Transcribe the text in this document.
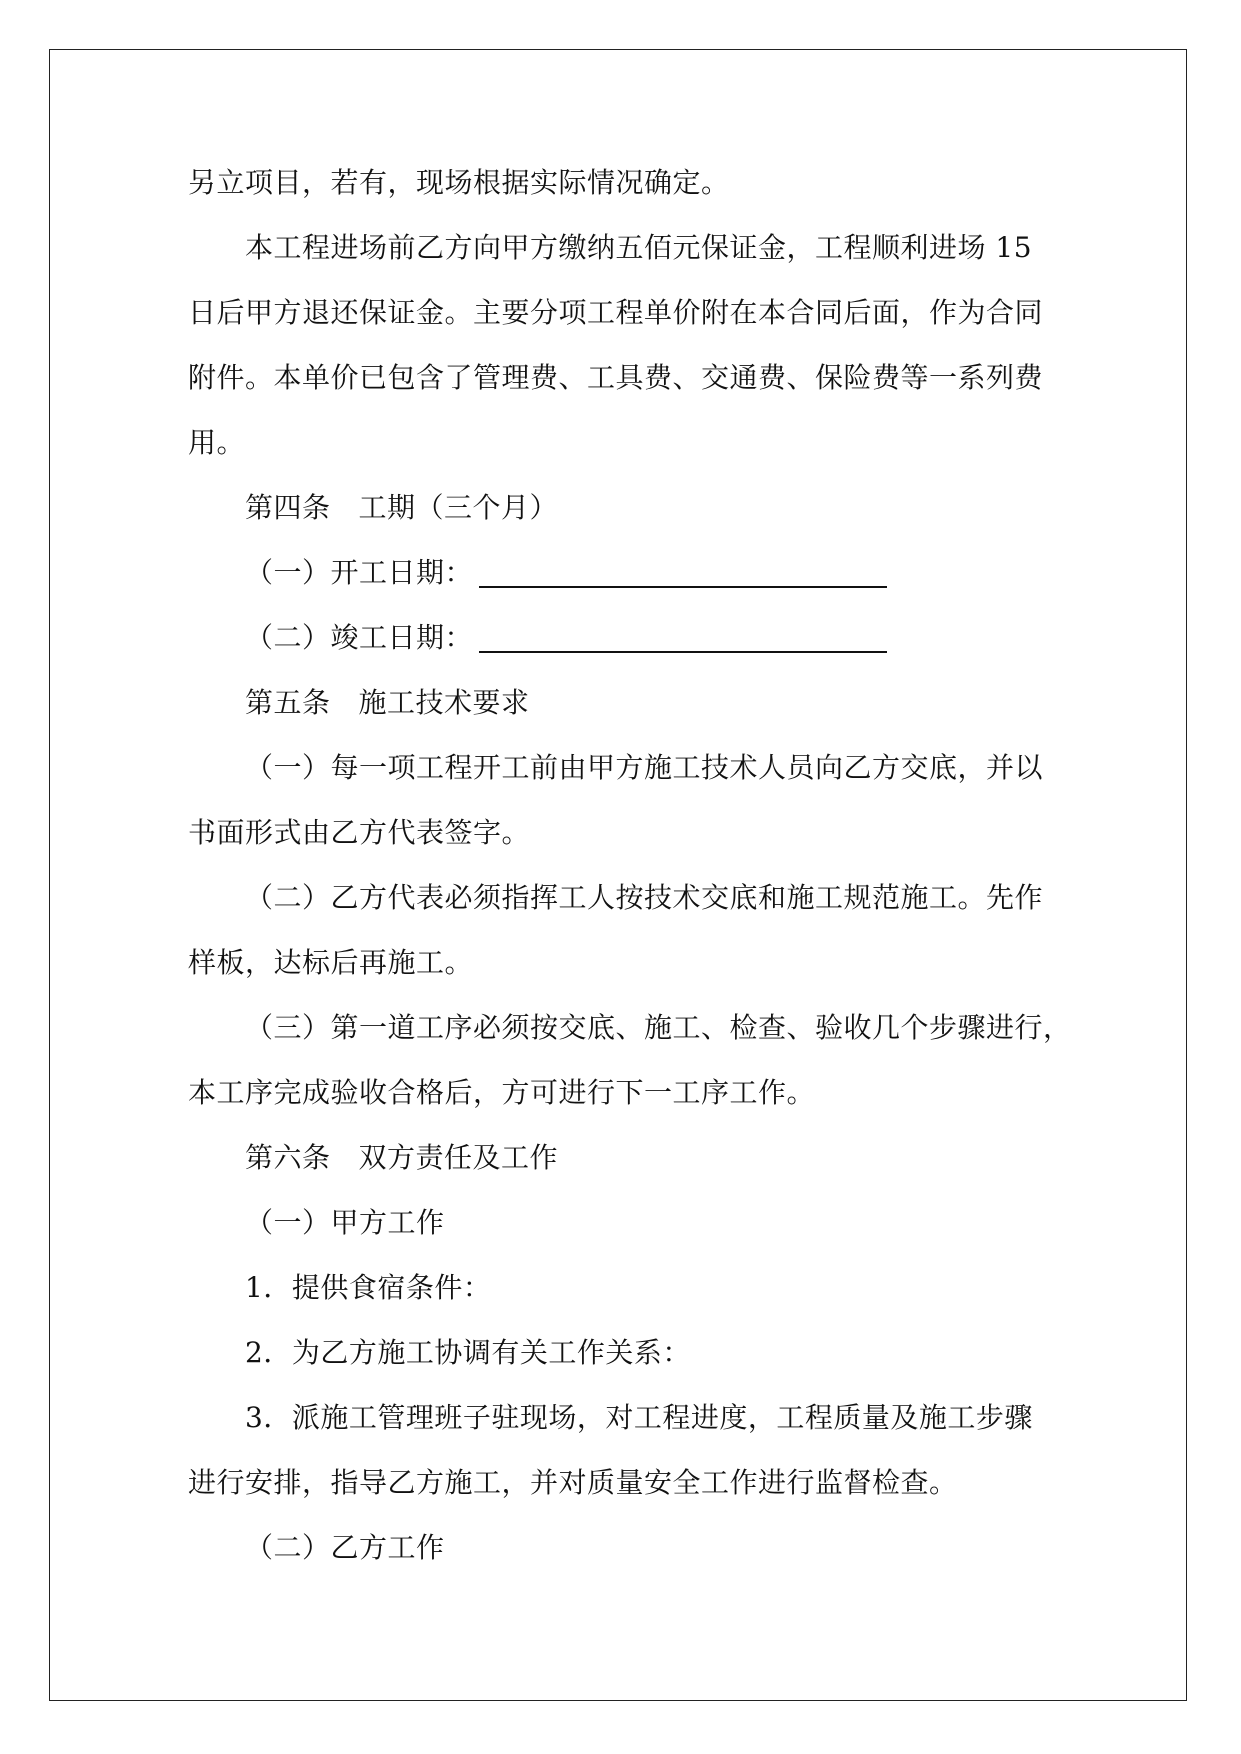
另立项目，若有，现场根据实际情况确定。
本工程进场前乙方向甲方缴纳五佰元保证金，工程顺利进场 15
日后甲方退还保证金。主要分项工程单价附在本合同后面，作为合同
附件。本单价已包含了管理费、工具费、交通费、保险费等一系列费
用。
第四条 工期（三个月）
（一）开工日期：
（二）竣工日期：
第五条 施工技术要求
（一）每一项工程开工前由甲方施工技术人员向乙方交底，并以
书面形式由乙方代表签字。
（二）乙方代表必须指挥工人按技术交底和施工规范施工。先作
样板，达标后再施工。
（三）第一道工序必须按交底、施工、检查、验收几个步骤进行，
本工序完成验收合格后，方可进行下一工序工作。
第六条 双方责任及工作
（一）甲方工作
1．提供食宿条件：
2．为乙方施工协调有关工作关系：
3．派施工管理班子驻现场，对工程进度，工程质量及施工步骤
进行安排，指导乙方施工，并对质量安全工作进行监督检查。
（二）乙方工作
